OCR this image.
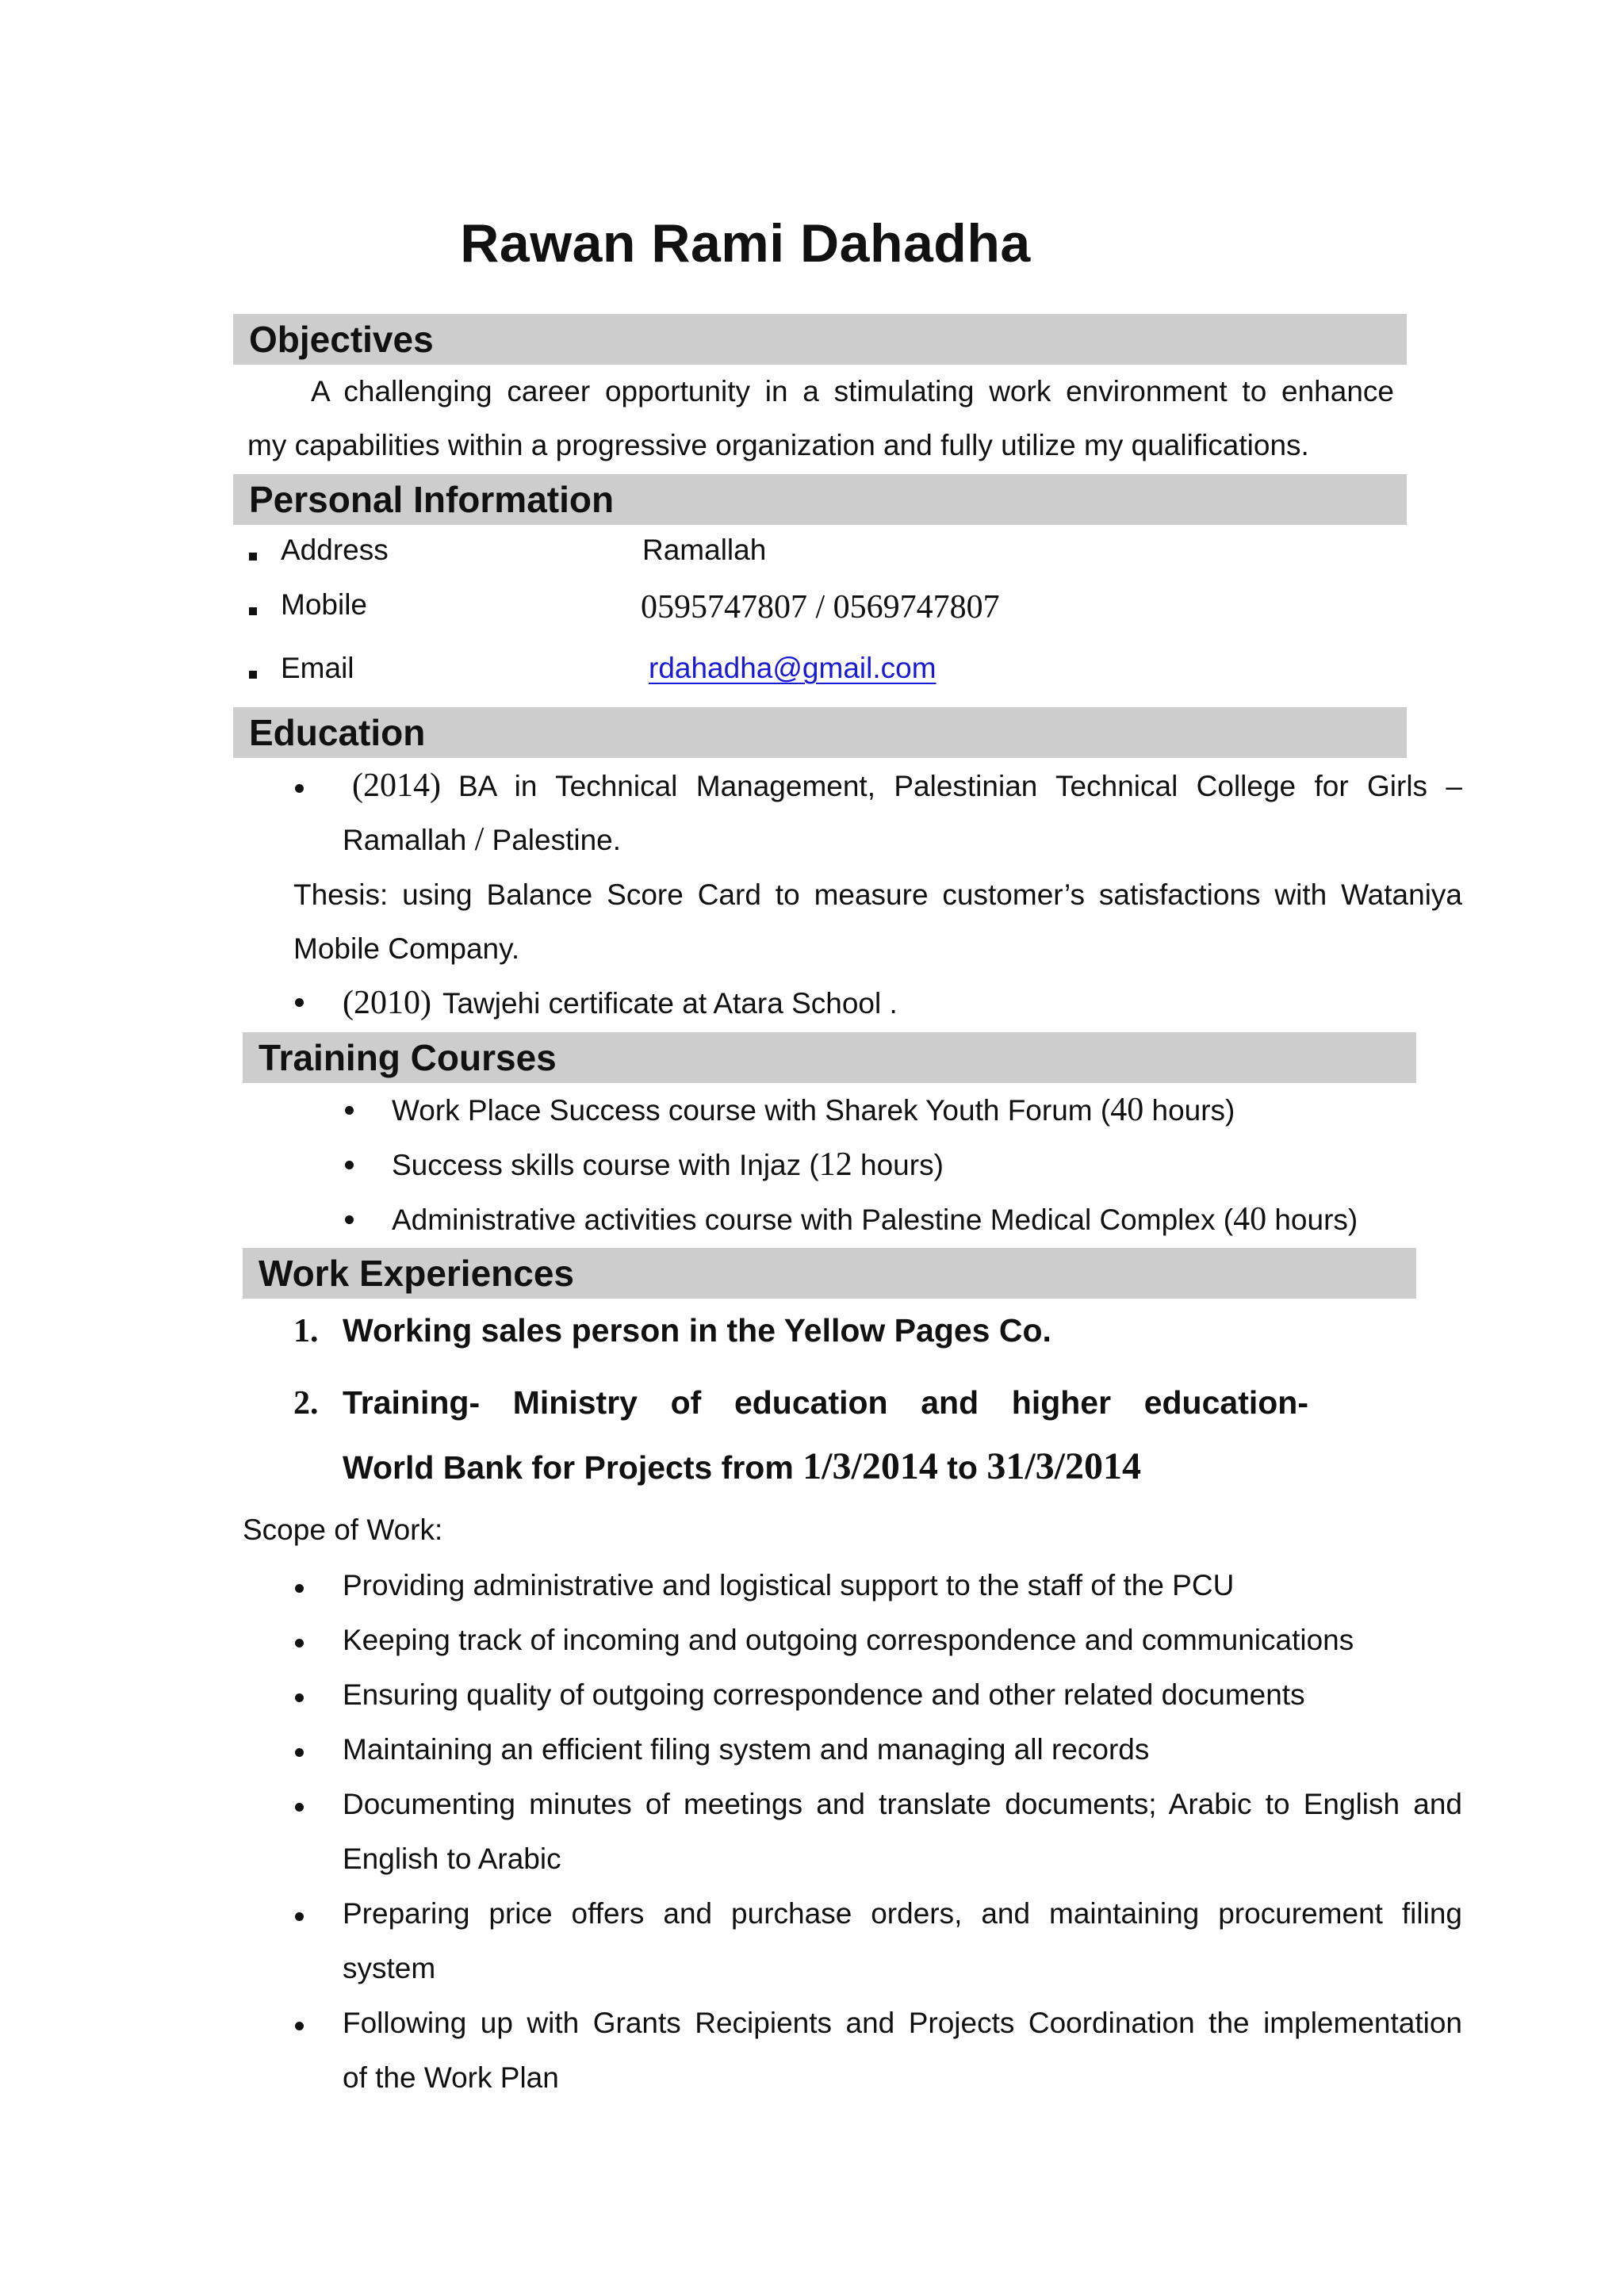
Rawan Rami Dahadha
Objectives
A challenging career opportunity in a stimulating work environment to enhance
my capabilities within a progressive organization and fully utilize my qualifications.
Personal Information
Address	Ramallah
Mobile	0595747807 / 0569747807
Email	rdahadha@gmail.com
Education
(2014) BA in Technical Management, Palestinian Technical College for Girls –
Ramallah / Palestine.
Thesis: using Balance Score Card to measure customer’s satisfactions with Wataniya
Mobile Company.
(2010) Tawjehi certificate at Atara School .
Training Courses
Work Place Success course with Sharek Youth Forum (40 hours)
Success skills course with Injaz (12 hours)
Administrative activities course with Palestine Medical Complex (40 hours)
Work Experiences
1. Working sales person in the Yellow Pages Co.
2. Training- Ministry of education and higher education-
World Bank for Projects from 1/3/2014 to 31/3/2014
Scope of Work:
Providing administrative and logistical support to the staff of the PCU
Keeping track of incoming and outgoing correspondence and communications
Ensuring quality of outgoing correspondence and other related documents
Maintaining an efficient filing system and managing all records
Documenting minutes of meetings and translate documents; Arabic to English and
English to Arabic
Preparing price offers and purchase orders, and maintaining procurement filing
system
Following up with Grants Recipients and Projects Coordination the implementation
of the Work Plan
